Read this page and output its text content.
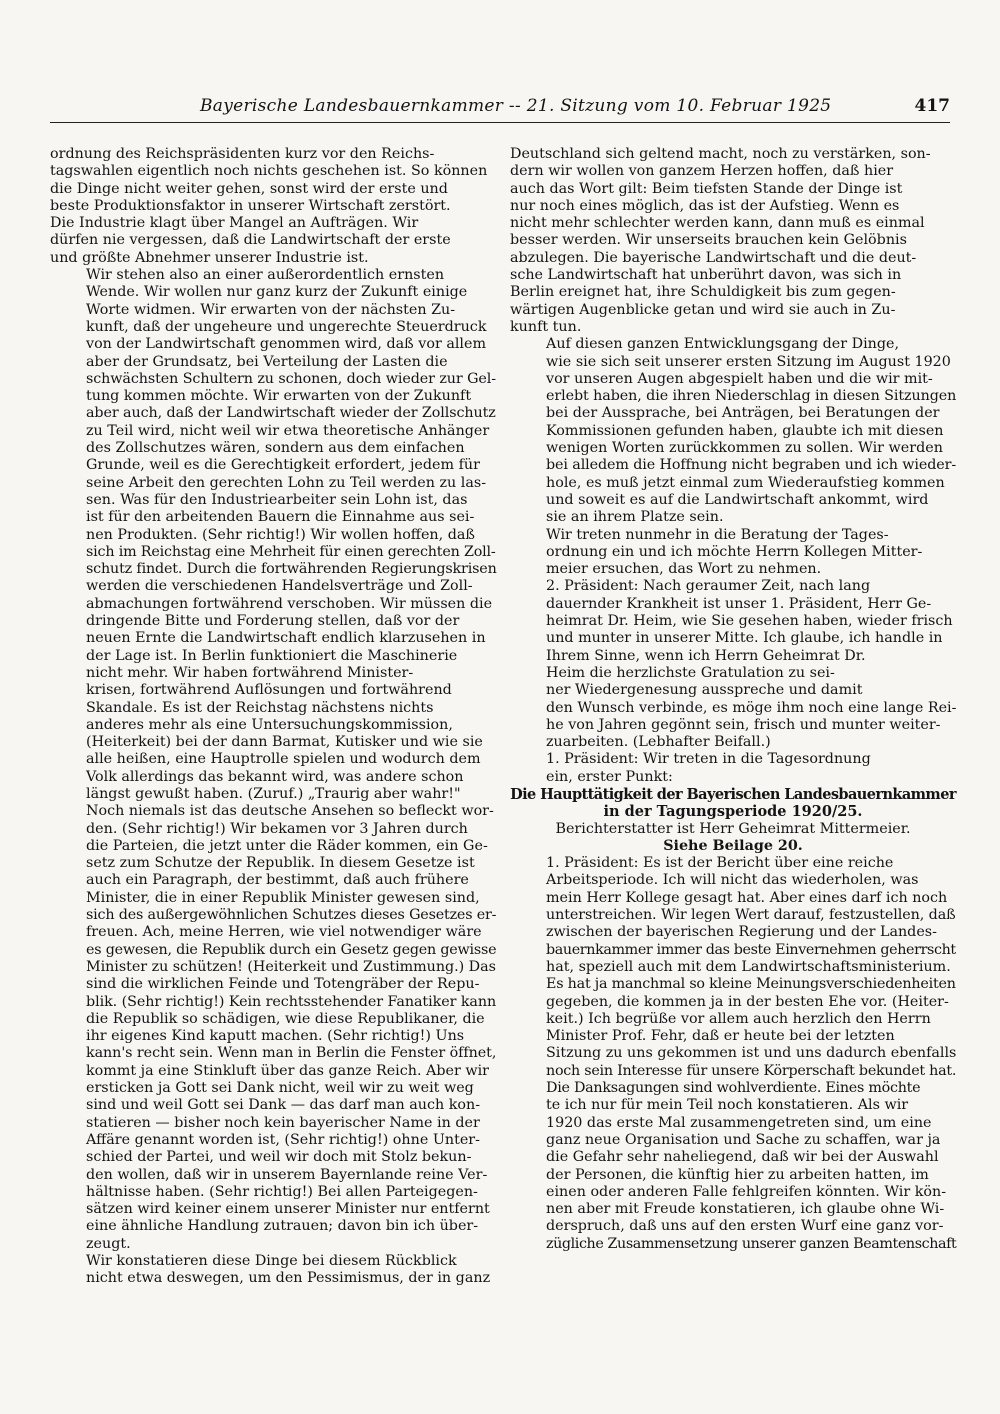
Bayerische Landesbauernkammer -- 21. Sitzung vom 10. Februar 1925	417

ordnung des Reichspräsidenten kurz vor den Reichs-
tagswahlen eigentlich noch nichts geschehen ist. So können
die Dinge nicht weiter gehen, sonst wird der erste und
beste Produktionsfaktor in unserer Wirtschaft zerstört.
Die Industrie klagt über Mangel an Aufträgen. Wir
dürfen nie vergessen, daß die Landwirtschaft der erste
und größte Abnehmer unserer Industrie ist.

Wir stehen also an einer außerordentlich ernsten
Wende. Wir wollen nur ganz kurz der Zukunft einige
Worte widmen. Wir erwarten von der nächsten Zu-
kunft, daß der ungeheure und ungerechte Steuerdruck
von der Landwirtschaft genommen wird, daß vor allem
aber der Grundsatz, bei Verteilung der Lasten die
schwächsten Schultern zu schonen, doch wieder zur Gel-
tung kommen möchte. Wir erwarten von der Zukunft
aber auch, daß der Landwirtschaft wieder der Zollschutz
zu Teil wird, nicht weil wir etwa theoretische Anhänger
des Zollschutzes wären, sondern aus dem einfachen
Grunde, weil es die Gerechtigkeit erfordert, jedem für
seine Arbeit den gerechten Lohn zu Teil werden zu las-
sen. Was für den Industriearbeiter sein Lohn ist, das
ist für den arbeitenden Bauern die Einnahme aus sei-
nen Produkten. (Sehr richtig!) Wir wollen hoffen, daß
sich im Reichstag eine Mehrheit für einen gerechten Zoll-
schutz findet. Durch die fortwährenden Regierungskrisen
werden die verschiedenen Handelsverträge und Zoll-
abmachungen fortwährend verschoben. Wir müssen die
dringende Bitte und Forderung stellen, daß vor der
neuen Ernte die Landwirtschaft endlich klarzusehen in
der Lage ist. In Berlin funktioniert die Maschinerie
nicht mehr. Wir haben fortwährend Minister-
krisen, fortwährend Auflösungen und fortwährend
Skandale. Es ist der Reichstag nächstens nichts
anderes mehr als eine Untersuchungskommission,
(Heiterkeit) bei der dann Barmat, Kutisker und wie sie
alle heißen, eine Hauptrolle spielen und wodurch dem
Volk allerdings das bekannt wird, was andere schon
längst gewußt haben. (Zuruf.) „Traurig aber wahr!"
Noch niemals ist das deutsche Ansehen so befleckt wor-
den. (Sehr richtig!) Wir bekamen vor 3 Jahren durch
die Parteien, die jetzt unter die Räder kommen, ein Ge-
setz zum Schutze der Republik. In diesem Gesetze ist
auch ein Paragraph, der bestimmt, daß auch frühere
Minister, die in einer Republik Minister gewesen sind,
sich des außergewöhnlichen Schutzes dieses Gesetzes er-
freuen. Ach, meine Herren, wie viel notwendiger wäre
es gewesen, die Republik durch ein Gesetz gegen gewisse
Minister zu schützen! (Heiterkeit und Zustimmung.) Das
sind die wirklichen Feinde und Totengräber der Repu-
blik. (Sehr richtig!) Kein rechtsstehender Fanatiker kann
die Republik so schädigen, wie diese Republikaner, die
ihr eigenes Kind kaputt machen. (Sehr richtig!) Uns
kann's recht sein. Wenn man in Berlin die Fenster öffnet,
kommt ja eine Stinkluft über das ganze Reich. Aber wir
ersticken ja Gott sei Dank nicht, weil wir zu weit weg
sind und weil Gott sei Dank — das darf man auch kon-
statieren — bisher noch kein bayerischer Name in der
Affäre genannt worden ist, (Sehr richtig!) ohne Unter-
schied der Partei, und weil wir doch mit Stolz bekun-
den wollen, daß wir in unserem Bayernlande reine Ver-
hältnisse haben. (Sehr richtig!) Bei allen Parteigegen-
sätzen wird keiner einem unserer Minister nur entfernt
eine ähnliche Handlung zutrauen; davon bin ich über-
zeugt.

Wir konstatieren diese Dinge bei diesem Rückblick
nicht etwa deswegen, um den Pessimismus, der in ganz

Deutschland sich geltend macht, noch zu verstärken, son-
dern wir wollen von ganzem Herzen hoffen, daß hier
auch das Wort gilt: Beim tiefsten Stande der Dinge ist
nur noch eines möglich, das ist der Aufstieg. Wenn es
nicht mehr schlechter werden kann, dann muß es einmal
besser werden. Wir unserseits brauchen kein Gelöbnis
abzulegen. Die bayerische Landwirtschaft und die deut-
sche Landwirtschaft hat unberührt davon, was sich in
Berlin ereignet hat, ihre Schuldigkeit bis zum gegen-
wärtigen Augenblicke getan und wird sie auch in Zu-
kunft tun.

Auf diesen ganzen Entwicklungsgang der Dinge,
wie sie sich seit unserer ersten Sitzung im August 1920
vor unseren Augen abgespielt haben und die wir mit-
erlebt haben, die ihren Niederschlag in diesen Sitzungen
bei der Aussprache, bei Anträgen, bei Beratungen der
Kommissionen gefunden haben, glaubte ich mit diesen
wenigen Worten zurückkommen zu sollen. Wir werden
bei alledem die Hoffnung nicht begraben und ich wieder-
hole, es muß jetzt einmal zum Wiederaufstieg kommen
und soweit es auf die Landwirtschaft ankommt, wird
sie an ihrem Platze sein.

Wir treten nunmehr in die Beratung der Tages-
ordnung ein und ich möchte Herrn Kollegen Mitter-
meier ersuchen, das Wort zu nehmen.

2. Präsident: Nach geraumer Zeit, nach lang
dauernder Krankheit ist unser 1. Präsident, Herr Ge-
heimrat Dr. Heim, wie Sie gesehen haben, wieder frisch
und munter in unserer Mitte. Ich glaube, ich handle in
Ihrem Sinne, wenn ich Herrn Geheimrat Dr.
Heim die herzlichste Gratulation zu sei-
ner Wiedergenesung ausspreche und damit
den Wunsch verbinde, es möge ihm noch eine lange Rei-
he von Jahren gegönnt sein, frisch und munter weiter-
zuarbeiten. (Lebhafter Beifall.)

1. Präsident: Wir treten in die Tagesordnung
ein, erster Punkt:

Die Haupttätigkeit der Bayerischen Landesbauernkammer
in der Tagungsperiode 1920/25.

Berichterstatter ist Herr Geheimrat Mittermeier.

Siehe Beilage 20.

1. Präsident: Es ist der Bericht über eine reiche
Arbeitsperiode. Ich will nicht das wiederholen, was
mein Herr Kollege gesagt hat. Aber eines darf ich noch
unterstreichen. Wir legen Wert darauf, festzustellen, daß
zwischen der bayerischen Regierung und der Landes-
bauernkammer immer das beste Einvernehmen geherrscht
hat, speziell auch mit dem Landwirtschaftsministerium.
Es hat ja manchmal so kleine Meinungsverschiedenheiten
gegeben, die kommen ja in der besten Ehe vor. (Heiter-
keit.) Ich begrüße vor allem auch herzlich den Herrn
Minister Prof. Fehr, daß er heute bei der letzten
Sitzung zu uns gekommen ist und uns dadurch ebenfalls
noch sein Interesse für unsere Körperschaft bekundet hat.

Die Danksagungen sind wohlverdiente. Eines möchte
te ich nur für mein Teil noch konstatieren. Als wir
1920 das erste Mal zusammengetreten sind, um eine
ganz neue Organisation und Sache zu schaffen, war ja
die Gefahr sehr naheliegend, daß wir bei der Auswahl
der Personen, die künftig hier zu arbeiten hatten, im
einen oder anderen Falle fehlgreifen könnten. Wir kön-
nen aber mit Freude konstatieren, ich glaube ohne Wi-
derspruch, daß uns auf den ersten Wurf eine ganz vor-
zügliche Zusammensetzung unserer ganzen Beamtenschaft
